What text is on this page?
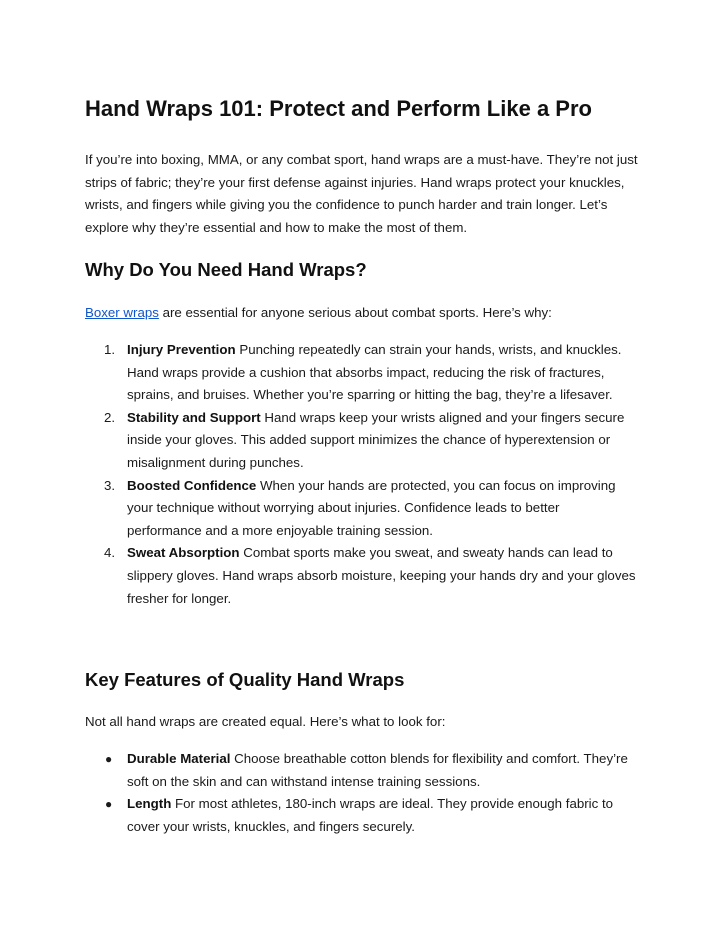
Hand Wraps 101: Protect and Perform Like a Pro

If you’re into boxing, MMA, or any combat sport, hand wraps are a must-have. They’re not just strips of fabric; they’re your first defense against injuries. Hand wraps protect your knuckles, wrists, and fingers while giving you the confidence to punch harder and train longer. Let’s explore why they’re essential and how to make the most of them.

Why Do You Need Hand Wraps?

Boxer wraps are essential for anyone serious about combat sports. Here’s why:

1. Injury Prevention Punching repeatedly can strain your hands, wrists, and knuckles. Hand wraps provide a cushion that absorbs impact, reducing the risk of fractures, sprains, and bruises. Whether you’re sparring or hitting the bag, they’re a lifesaver.
2. Stability and Support Hand wraps keep your wrists aligned and your fingers secure inside your gloves. This added support minimizes the chance of hyperextension or misalignment during punches.
3. Boosted Confidence When your hands are protected, you can focus on improving your technique without worrying about injuries. Confidence leads to better performance and a more enjoyable training session.
4. Sweat Absorption Combat sports make you sweat, and sweaty hands can lead to slippery gloves. Hand wraps absorb moisture, keeping your hands dry and your gloves fresher for longer.
Key Features of Quality Hand Wraps

Not all hand wraps are created equal. Here’s what to look for:

●	Durable Material Choose breathable cotton blends for flexibility and comfort. They’re soft on the skin and can withstand intense training sessions.
●	Length For most athletes, 180-inch wraps are ideal. They provide enough fabric to cover your wrists, knuckles, and fingers securely.
